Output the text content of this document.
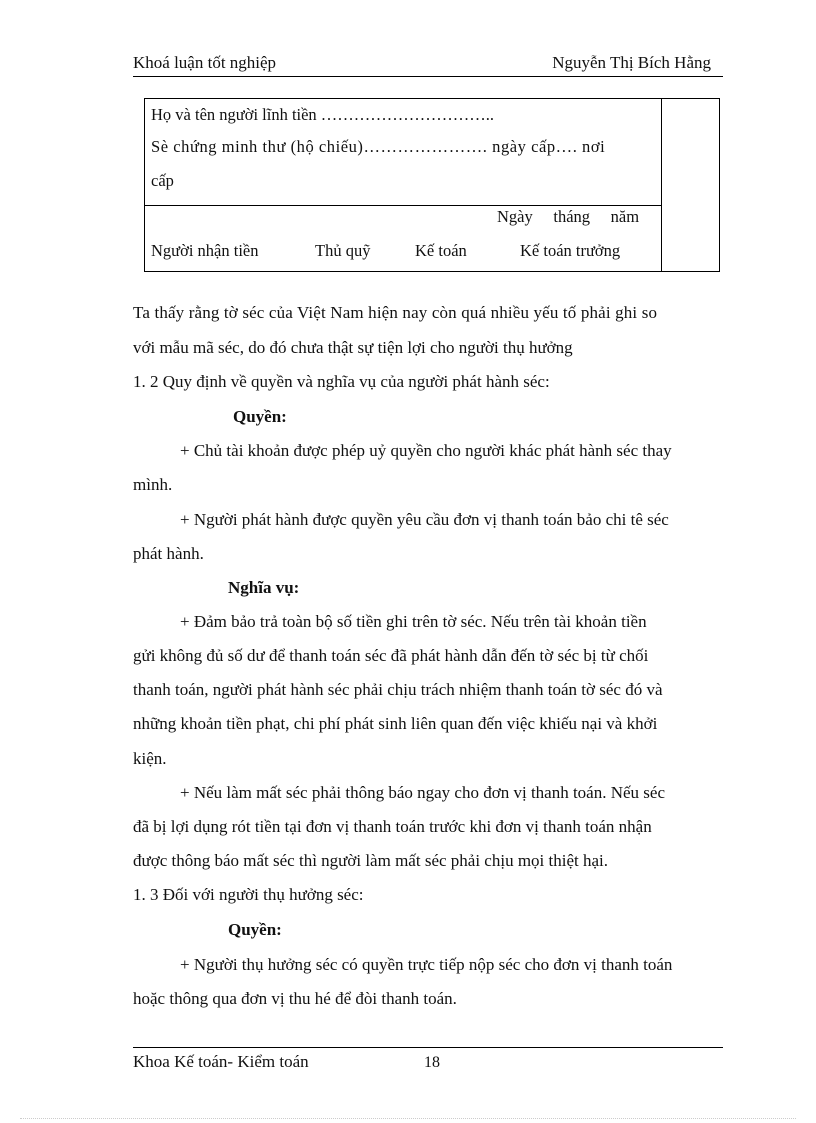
Khoá luận tốt nghiệp	Nguyễn Thị Bích Hằng
Họ và tên người lĩnh tiền …………………………..
Sè chứng minh thư (hộ chiếu)…………………. ngày cấp…. nơi
cấp
Ngày     tháng     năm
Người nhận tiền	Thủ quỹ	Kế toán	Kế toán trưởng
Ta thấy rằng tờ séc của Việt Nam hiện nay còn quá nhiều yếu tố phải ghi so
với mẫu mã séc, do đó chưa thật sự tiện lợi cho người thụ hưởng
1. 2 Quy định về quyền và nghĩa vụ của người phát hành séc:
Quyền:
+ Chủ tài khoản được phép uỷ quyền cho người khác phát hành séc thay
mình.
+ Người phát hành được quyền yêu cầu đơn vị thanh toán bảo chi tê séc
phát hành.
Nghĩa vụ:
+ Đảm bảo trả toàn bộ số tiền ghi trên tờ séc. Nếu trên tài khoản tiền
gửi không đủ số dư để thanh toán séc đã phát hành dẫn đến tờ séc bị từ chối
thanh toán, người phát hành séc phải chịu trách nhiệm thanh toán tờ séc đó và
những khoản tiền phạt, chi phí phát sinh liên quan đến việc khiếu nại và khởi
kiện.
+ Nếu làm mất séc phải thông báo ngay cho đơn vị thanh toán. Nếu séc
đã bị lợi dụng rót tiền tại đơn vị thanh toán trước khi đơn vị thanh toán nhận
được thông báo mất séc thì người làm mất séc phải chịu mọi thiệt hại.
1. 3 Đối với người thụ hưởng séc:
Quyền:
+ Người thụ hưởng séc có quyền trực tiếp nộp séc cho đơn vị thanh toán
hoặc thông qua đơn vị thu hé để đòi thanh toán.
Khoa Kế toán- Kiểm toán	18
